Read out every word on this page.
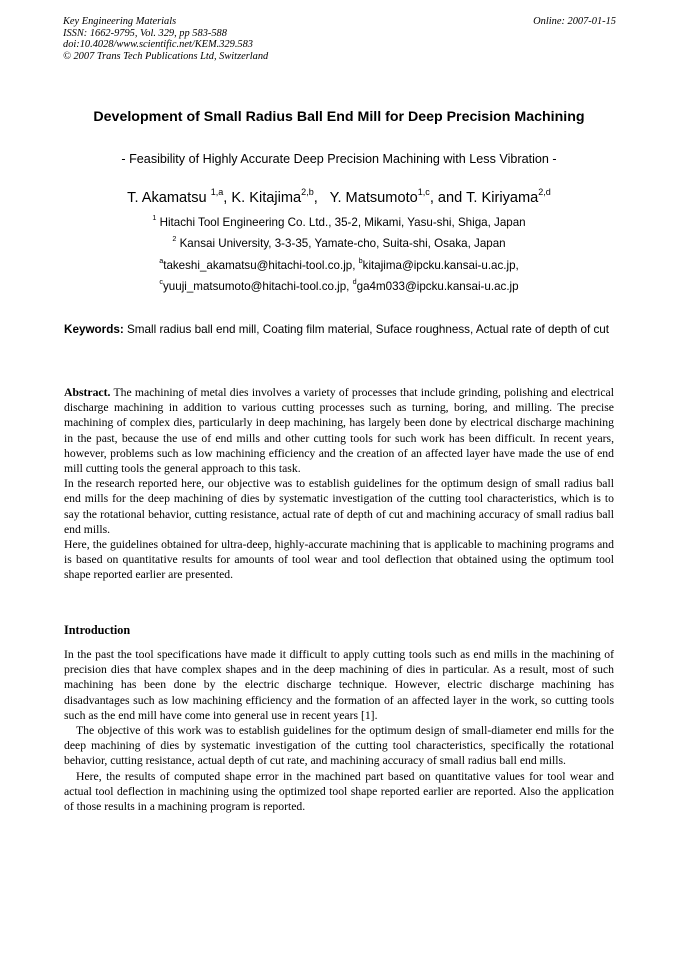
Key Engineering Materials
ISSN: 1662-9795, Vol. 329, pp 583-588
doi:10.4028/www.scientific.net/KEM.329.583
© 2007 Trans Tech Publications Ltd, Switzerland
Online: 2007-01-15
Development of Small Radius Ball End Mill for Deep Precision Machining
- Feasibility of Highly Accurate Deep Precision Machining with Less Vibration -
T. Akamatsu $^{1,a}$, K. Kitajima$^{2,b}$, Y. Matsumoto$^{1,c}$, and T. Kiriyama$^{2,d}$
$^1$ Hitachi Tool Engineering Co. Ltd., 35-2, Mikami, Yasu-shi, Shiga, Japan
$^2$ Kansai University, 3-3-35, Yamate-cho, Suita-shi, Osaka, Japan
$^a$takeshi_akamatsu@hitachi-tool.co.jp, $^b$kitajima@ipcku.kansai-u.ac.jp,
$^c$yuuji_matsumoto@hitachi-tool.co.jp, $^d$ga4m033@ipcku.kansai-u.ac.jp
Keywords: Small radius ball end mill, Coating film material, Suface roughness, Actual rate of depth of cut

Abstract. The machining of metal dies involves a variety of processes that include grinding, polishing and electrical discharge machining in addition to various cutting processes such as turning, boring, and milling. The precise machining of complex dies, particularly in deep machining, has largely been done by electrical discharge machining in the past, because the use of end mills and other cutting tools for such work has been difficult. In recent years, however, problems such as low machining efficiency and the creation of an affected layer have made the use of end mill cutting tools the general approach to this task.

In the research reported here, our objective was to establish guidelines for the optimum design of small radius ball end mills for the deep machining of dies by systematic investigation of the cutting tool characteristics, which is to say the rotational behavior, cutting resistance, actual rate of depth of cut and machining accuracy of small radius ball end mills.

Here, the guidelines obtained for ultra-deep, highly-accurate machining that is applicable to machining programs and is based on quantitative results for amounts of tool wear and tool deflection that obtained using the optimum tool shape reported earlier are presented.

Introduction

In the past the tool specifications have made it difficult to apply cutting tools such as end mills in the machining of precision dies that have complex shapes and in the deep machining of dies in particular. As a result, most of such machining has been done by the electric discharge technique. However, electric discharge machining has disadvantages such as low machining efficiency and the formation of an affected layer in the work, so cutting tools such as the end mill have come into general use in recent years [1].

The objective of this work was to establish guidelines for the optimum design of small-diameter end mills for the deep machining of dies by systematic investigation of the cutting tool characteristics, specifically the rotational behavior, cutting resistance, actual depth of cut rate, and machining accuracy of small radius ball end mills.

Here, the results of computed shape error in the machined part based on quantitative values for tool wear and actual tool deflection in machining using the optimized tool shape reported earlier are reported. Also the application of those results in a machining program is reported.
